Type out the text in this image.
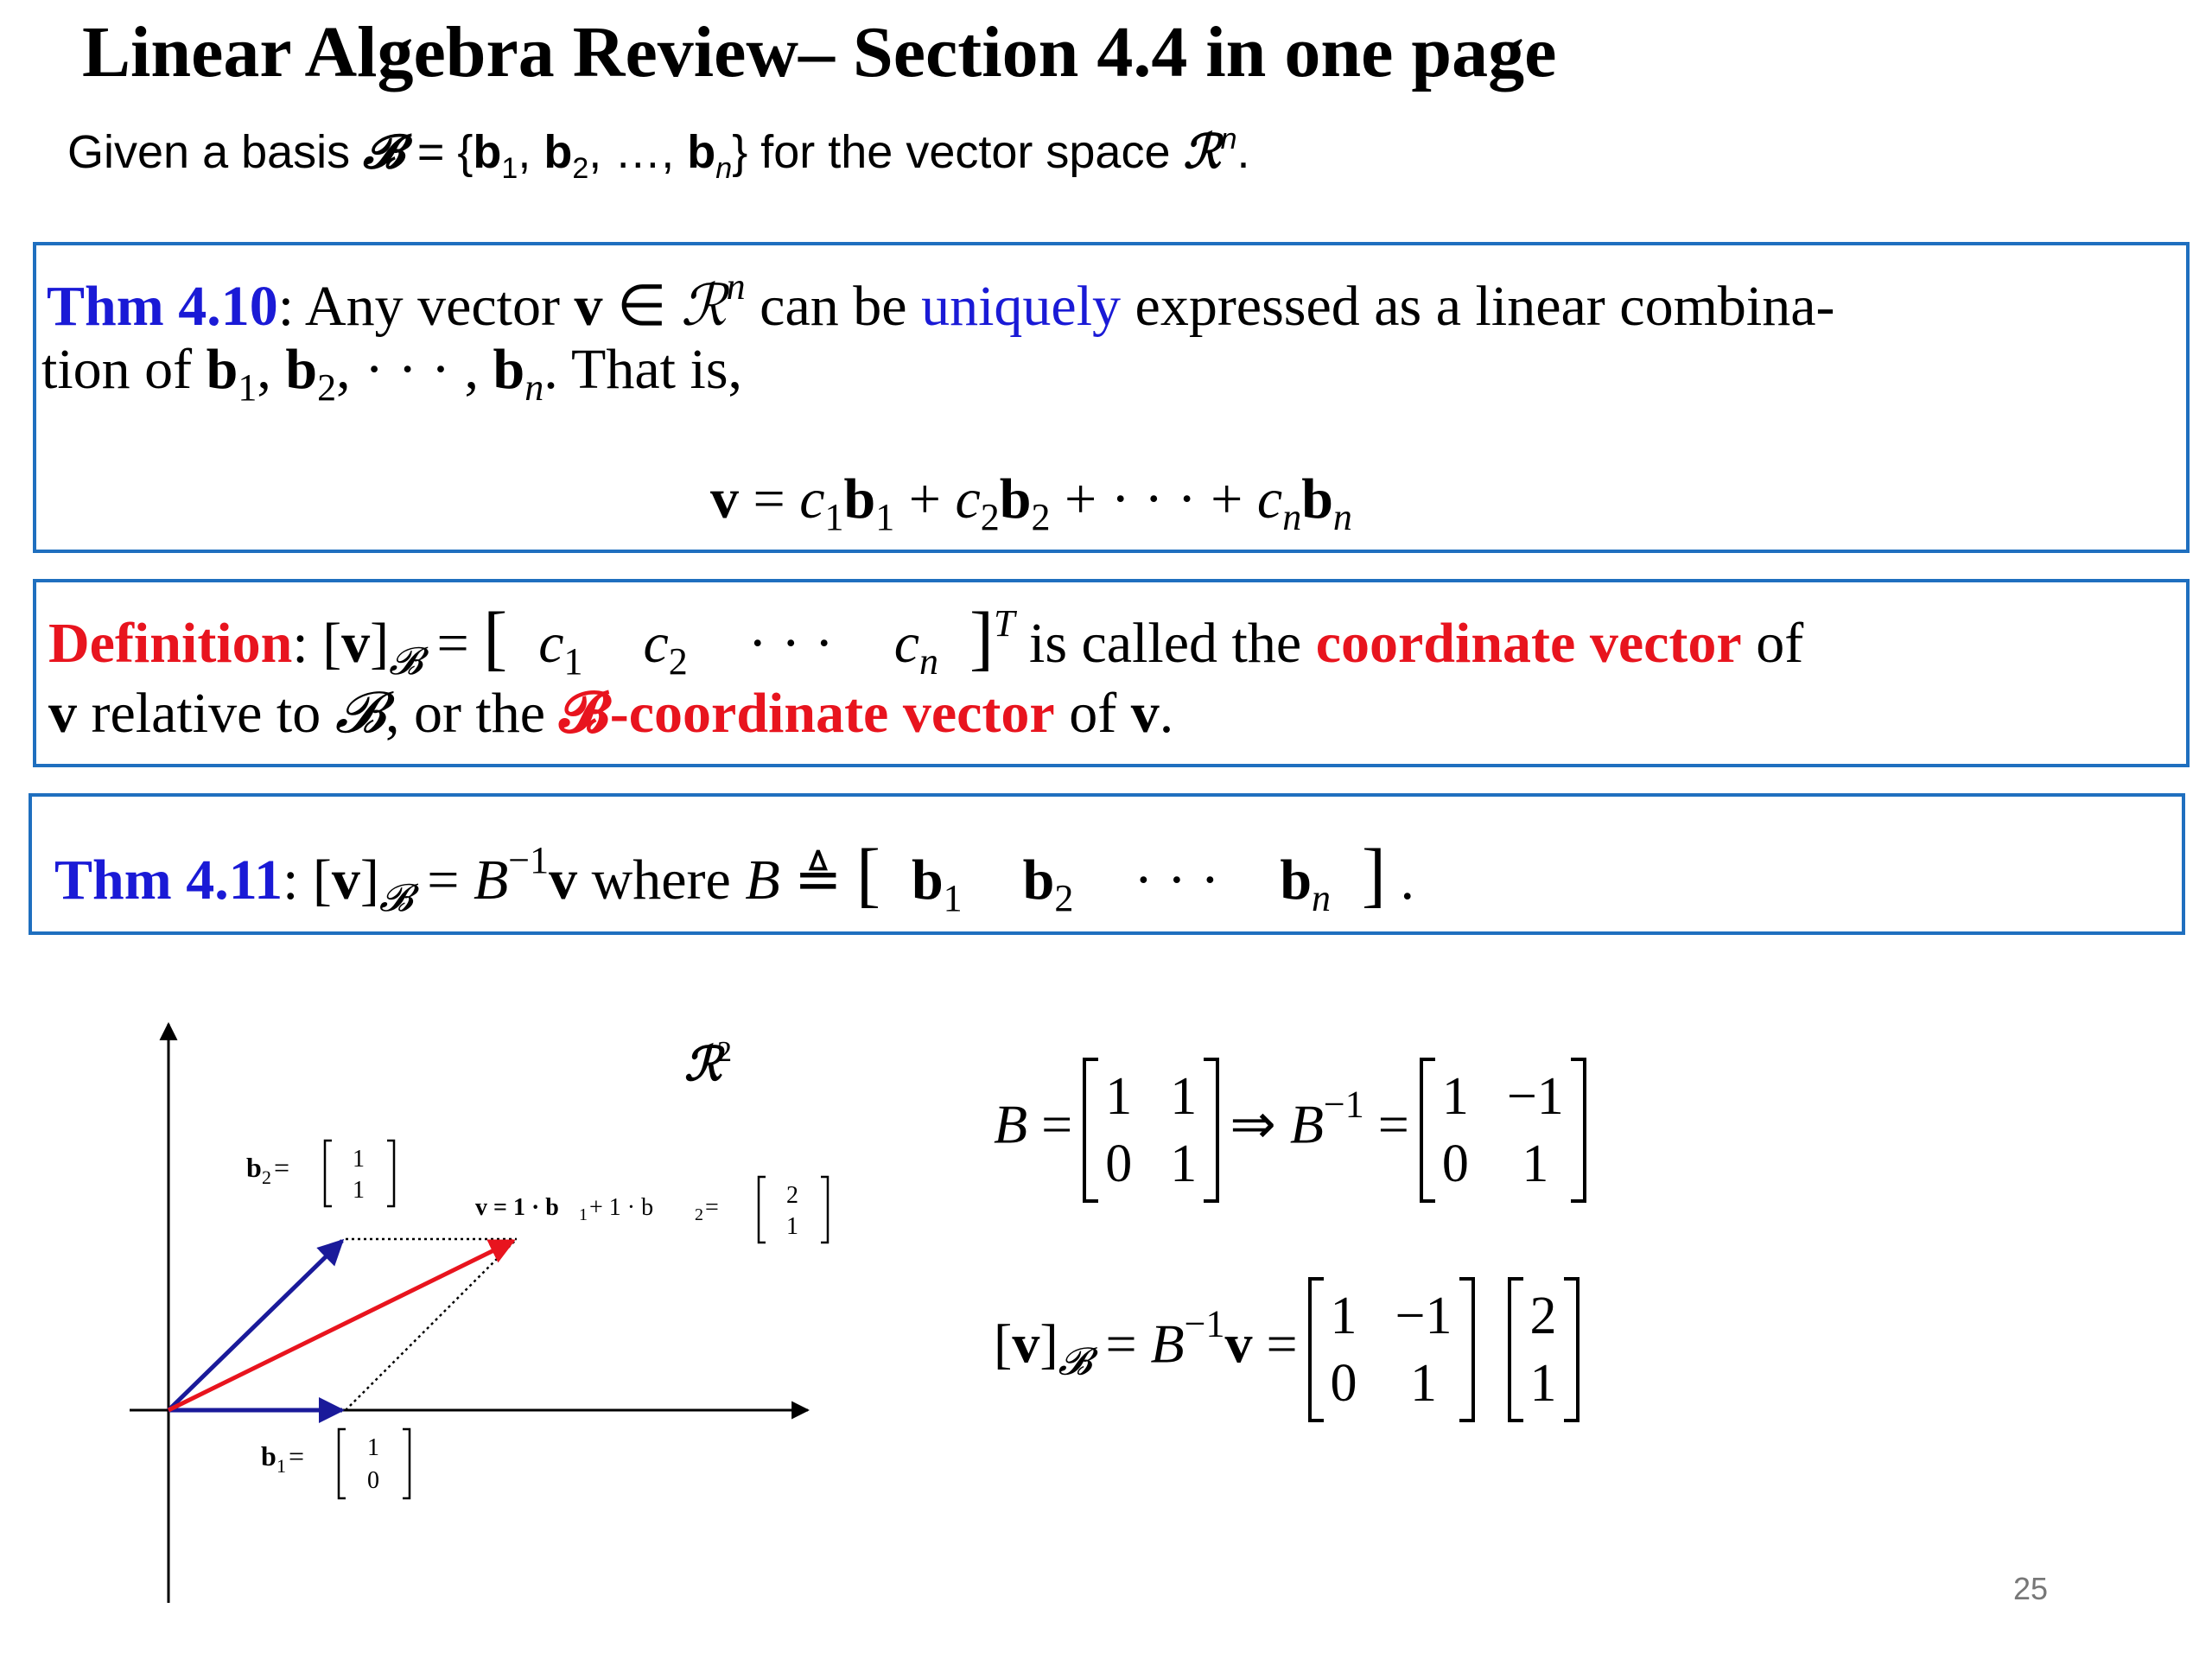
Linear Algebra Review– Section 4.4 in one page
Given a basis 𝓑 = {$b_1$, $b_2$, …, $b_n$} for the vector space ℛ$^n$.
Thm 4.10: Any vector v ∈ ℛ$^n$ can be uniquely expressed as a linear combina-
tion of $b_1$, $b_2$, · · · , $b_n$. That is,
$v = c_1b_1 + c_2b_2$ + · · · + $c_nb_n$
Definition: $[v]_𝓑$ = [ $c_1$ $c_2$ · · · $c_n$ ]$^T$ is called the coordinate vector of
v relative to 𝓑, or the 𝓑-coordinate vector of v.
Thm 4.11: $[v]_𝓑 = B^{-1}v$ where B ≜ [ $b_1$ $b_2$ · · · $b_n$ ] .
ℛ
2
b 2 =	1
1
v = 1 · b 1 + 1 · b 2 =	2
1
b 1 =	1
0
B = 1	1
0	1
⇒ $B^{-1} = 1$	−1
0	1
$[v]_𝓑 = B^{-1}v = 1$	−1
0	1

2
1
25
